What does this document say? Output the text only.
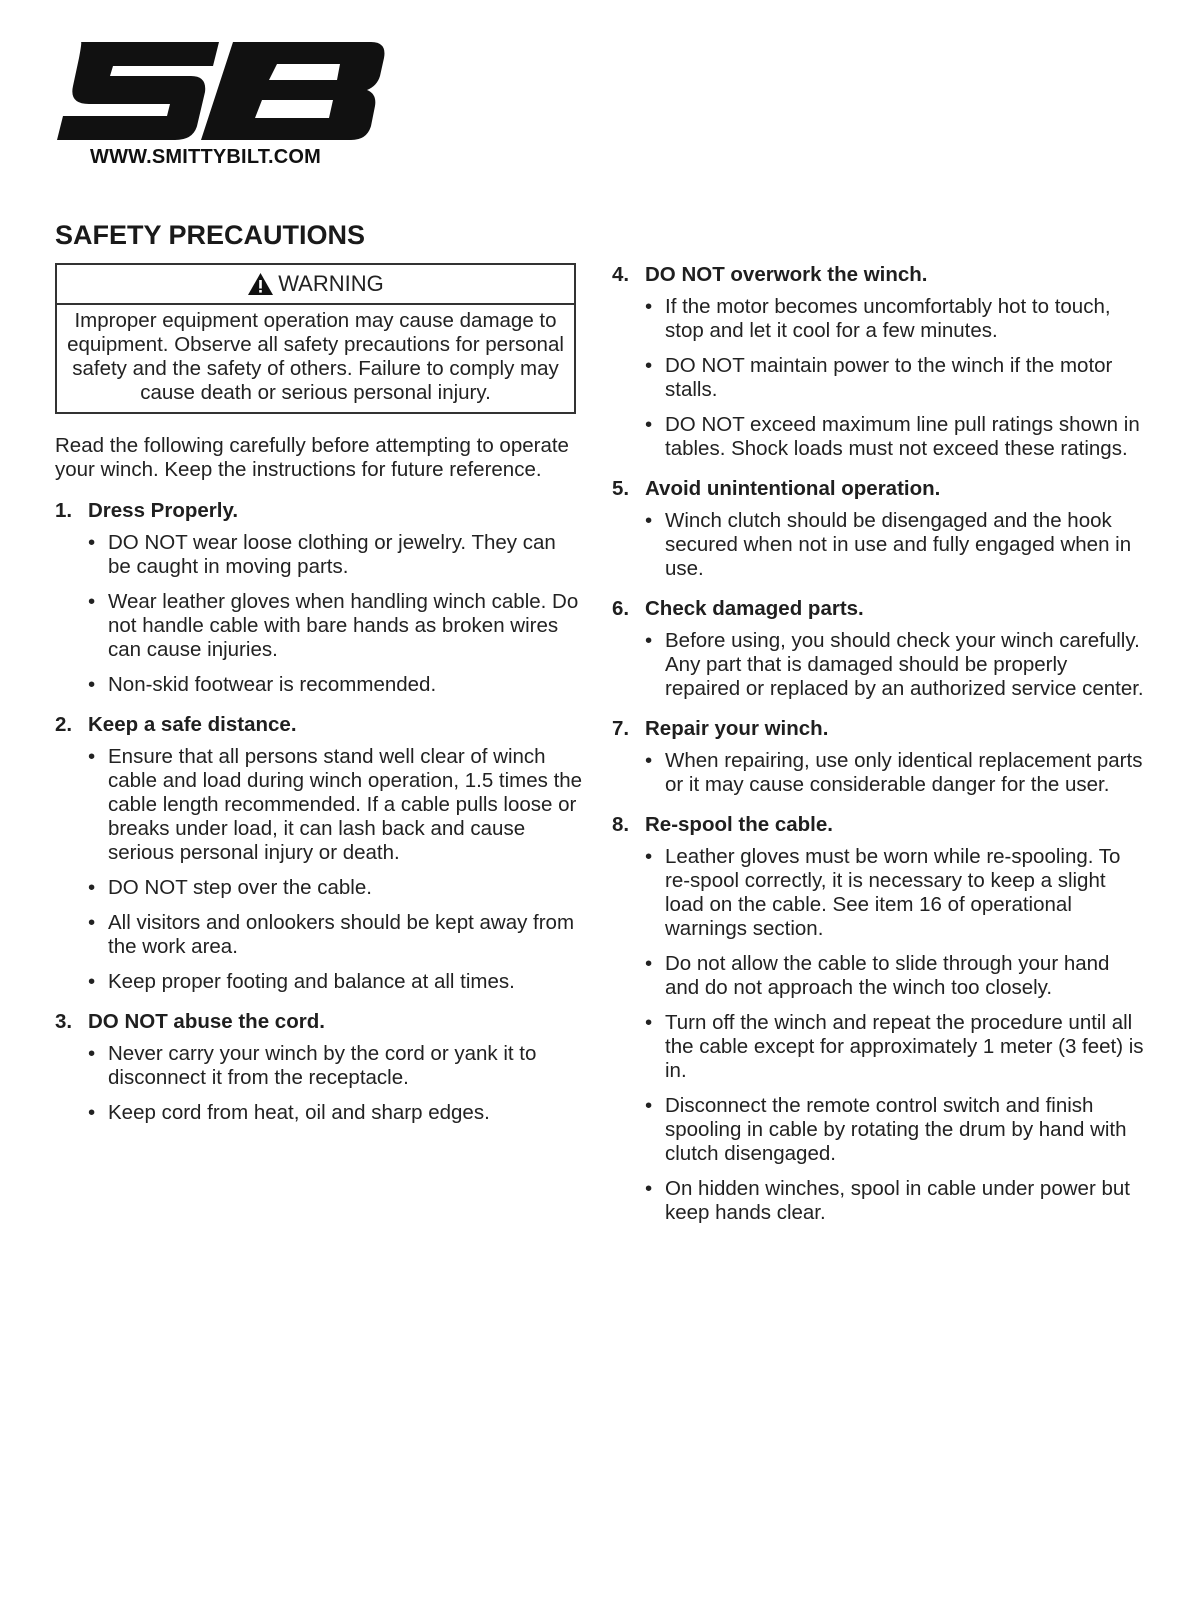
WWW.SMITTYBILT.COM
SAFETY PRECAUTIONS
WARNING
Improper equipment operation may cause damage to equipment. Observe all safety precautions for personal safety and the safety of others. Failure to comply may cause death or serious personal injury.

Read the following carefully before attempting to operate your winch. Keep the instructions for future reference.

1. Dress Properly.
• DO NOT wear loose clothing or jewelry. They can be caught in moving parts.
• Wear leather gloves when handling winch cable. Do not handle cable with bare hands as broken wires can cause injuries.
• Non-skid footwear is recommended.
2. Keep a safe distance.
• Ensure that all persons stand well clear of winch cable and load during winch operation, 1.5 times the cable length recommended. If a cable pulls loose or breaks under load, it can lash back and cause serious personal injury or death.
• DO NOT step over the cable.
• All visitors and onlookers should be kept away from the work area.
• Keep proper footing and balance at all times.
3. DO NOT abuse the cord.
• Never carry your winch by the cord or yank it to disconnect it from the receptacle.
• Keep cord from heat, oil and sharp edges.
4. DO NOT overwork the winch.
• If the motor becomes uncomfortably hot to touch, stop and let it cool for a few minutes.
• DO NOT maintain power to the winch if the motor stalls.
• DO NOT exceed maximum line pull ratings shown in tables. Shock loads must not exceed these ratings.
5. Avoid unintentional operation.
• Winch clutch should be disengaged and the hook secured when not in use and fully engaged when in use.
6. Check damaged parts.
• Before using, you should check your winch carefully. Any part that is damaged should be properly repaired or replaced by an authorized service center.
7. Repair your winch.
• When repairing, use only identical replacement parts or it may cause considerable danger for the user.
8. Re-spool the cable.
• Leather gloves must be worn while re-spooling. To re-spool correctly, it is necessary to keep a slight load on the cable. See item 16 of operational warnings section.
• Do not allow the cable to slide through your hand and do not approach the winch too closely.
• Turn off the winch and repeat the procedure until all the cable except for approximately 1 meter (3 feet) is in.
• Disconnect the remote control switch and finish spooling in cable by rotating the drum by hand with clutch disengaged.
• On hidden winches, spool in cable under power but keep hands clear.
